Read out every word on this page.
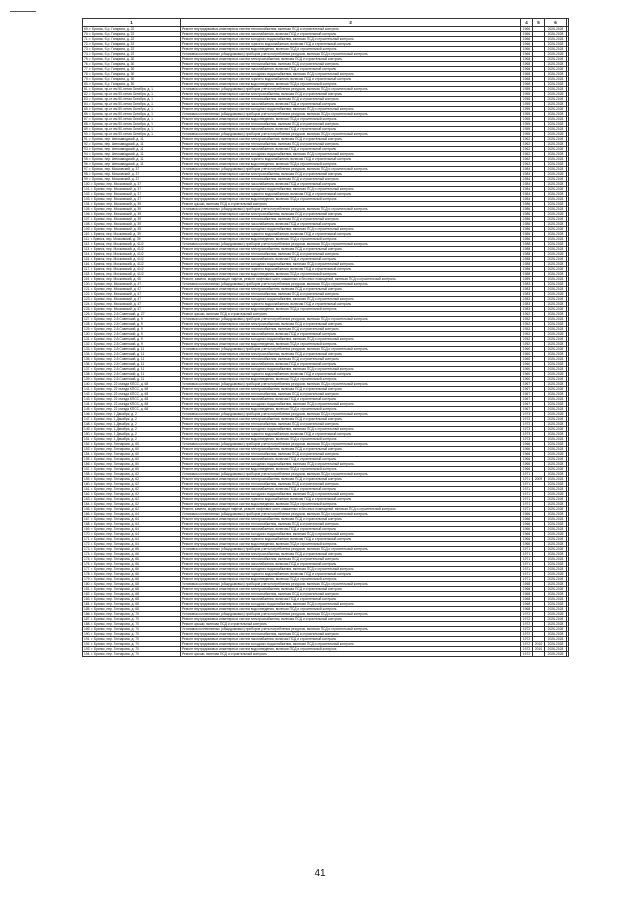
1	3	4	5	6	
69. г. Брянск, б-р. Гагарина, д. 22	Ремонт внутридомовых инженерных систем теплоснабжения, включая ПСД и строительный контроль	1966		2026-2028	
70. г. Брянск, б-р. Гагарина, д. 22	Ремонт внутридомовых инженерных систем газоснабжения, включая ПСД и строительный контроль	1966		2026-2028	
71. г. Брянск, б-р. Гагарина, д. 22	Ремонт внутридомовых инженерных систем холодного водоснабжения, включая ПСД и строительный контроль	1966		2026-2028	
72. г. Брянск, б-р. Гагарина, д. 22	Ремонт внутридомовых инженерных систем горячего водоснабжения, включая ПСД и строительный контроль	1966		2026-2028	
73. г. Брянск, б-р. Гагарина, д. 22	Ремонт внутридомовых инженерных систем водоотведения, включая ПСД и строительный контроль	1966		2026-2028	
74. г. Брянск, б-р. Гагарина, д. 22	Установка коллективных (общедомовых) приборов учета потребления ресурсов, включая ПСД и строительный контроль	1966		2026-2028	
75. г. Брянск, б-р. Гагарина, д. 30	Ремонт внутридомовых инженерных систем электроснабжения, включая ПСД и строительный контроль	1968		2026-2028	
76. г. Брянск, б-р. Гагарина, д. 30	Ремонт внутридомовых инженерных систем теплоснабжения, включая ПСД и строительный контроль	1968		2026-2028	
77. г. Брянск, б-р. Гагарина, д. 30	Ремонт внутридомовых инженерных систем газоснабжения, включая ПСД и строительный контроль	1968		2026-2028	
78. г. Брянск, б-р. Гагарина, д. 30	Ремонт внутридомовых инженерных систем холодного водоснабжения, включая ПСД и строительный контроль	1968		2026-2028	
79. г. Брянск, б-р. Гагарина, д. 30	Ремонт внутридомовых инженерных систем горячего водоснабжения, включая ПСД и строительный контроль	1968		2026-2028	
80. г. Брянск, б-р. Гагарина, д. 30	Ремонт внутридомовых инженерных систем водоотведения, включая ПСД и строительный контроль	1968		2026-2028	
81. г. Брянск, пр-кт им 50-летия Октября, д. 1	Установка коллективных (общедомовых) приборов учета потребления ресурсов, включая ПСД и строительный контроль	1955		2026-2028	
82. г. Брянск, пр-кт им 50-летия Октября, д. 1	Ремонт внутридомовых инженерных систем электроснабжения, включая ПСД и строительный контроль	1955		2026-2028	
83. г. Брянск, пр-кт им 50-летия Октября, д. 1	Ремонт внутридомовых инженерных систем теплоснабжения, включая ПСД и строительный контроль	1955		2026-2028	
84. г. Брянск, пр-кт им 50-летия Октября, д. 1	Ремонт внутридомовых инженерных систем газоснабжения, включая ПСД и строительный контроль	1955		2026-2028	
85. г. Брянск, пр-кт им 50-летия Октября, д. 1	Ремонт внутридомовых инженерных систем холодного водоснабжения, включая ПСД и строительный контроль	1955		2026-2028	
86. г. Брянск, пр-кт им 50-летия Октября, д. 1	Установка коллективных (общедомовых) приборов учета потребления ресурсов, включая ПСД и строительный контроль	1955		2026-2028	
87. г. Брянск, пр-кт им 50-летия Октября, д. 1	Ремонт внутридомовых инженерных систем водоотведения, включая ПСД и строительный контроль	1955		2026-2028	
88. г. Брянск, пр-кт им 50-летия Октября, д. 1	Ремонт внутридомовых инженерных систем теплоснабжения, включая ПСД и строительный контроль	1955		2026-2028	
89. г. Брянск, пр-кт им 50-летия Октября, д. 1	Ремонт внутридомовых инженерных систем газоснабжения, включая ПСД и строительный контроль	1955		2026-2028	
90. г. Брянск, пр-кт им 50-летия Октября, д. 1	Установка коллективных (общедомовых) приборов учета потребления ресурсов, включая ПСД и строительный контроль	1955		2026-2028	
91. г. Брянск, пер. Автозаводский, д. 11	Ремонт внутридомовых инженерных систем электроснабжения, включая ПСД и строительный контроль	1962		2026-2028	
92. г. Брянск, пер. Автозаводский, д. 11	Ремонт внутридомовых инженерных систем теплоснабжения, включая ПСД и строительный контроль	1962		2026-2028	
93. г. Брянск, пер. Автозаводский, д. 11	Ремонт внутридомовых инженерных систем газоснабжения, включая ПСД и строительный контроль	1962		2026-2028	
94. г. Брянск, пер. Автозаводский, д. 11	Ремонт внутридомовых инженерных систем холодного водоснабжения, включая ПСД и строительный контроль	1962		2026-2028	
95. г. Брянск, пер. Автозаводский, д. 11	Ремонт внутридомовых инженерных систем горячего водоснабжения, включая ПСД и строительный контроль	1962		2026-2028	
96. г. Брянск, пер. Автозаводский, д. 11	Ремонт внутридомовых инженерных систем водоотведения, включая ПСД и строительный контроль	1962		2026-2028	
97. г. Брянск, пер. Московский, д. 37	Установка коллективных (общедомовых) приборов учета потребления ресурсов, включая ПСД и строительный контроль	1984		2026-2028	
98. г. Брянск, пер. Московский, д. 37	Ремонт внутридомовых инженерных систем электроснабжения, включая ПСД и строительный контроль	1984		2026-2028	
99. г. Брянск, пер. Московский, д. 37	Ремонт внутридомовых инженерных систем теплоснабжения, включая ПСД и строительный контроль	1984		2026-2028	
100. г. Брянск, пер. Московский, д. 37	Ремонт внутридомовых инженерных систем газоснабжения, включая ПСД и строительный контроль	1984		2026-2028	
101. г. Брянск, пер. Московский, д. 37	Ремонт внутридомовых инженерных систем холодного водоснабжения, включая ПСД и строительный контроль	1984		2026-2028	
102. г. Брянск, пер. Московский, д. 37	Ремонт внутридомовых инженерных систем горячего водоснабжения, включая ПСД и строительный контроль	1984		2026-2028	
103. г. Брянск, пер. Московский, д. 37	Ремонт внутридомовых инженерных систем водоотведения, включая ПСД и строительный контроль	1984		2026-2028	
104. г. Брянск, пер. Московский, д. 39	Ремонт крыши, включая ПСД и строительный контроль	1986		2026-2028	
105. г. Брянск, пер. Московский, д. 39	Установка коллективных (общедомовых) приборов учета потребления ресурсов, включая ПСД и строительный контроль	1986		2026-2028	
106. г. Брянск, пер. Московский, д. 39	Ремонт внутридомовых инженерных систем электроснабжения, включая ПСД и строительный контроль	1986		2026-2028	
107. г. Брянск, пер. Московский, д. 39	Ремонт внутридомовых инженерных систем теплоснабжения, включая ПСД и строительный контроль	1986		2026-2028	
108. г. Брянск, пер. Московский, д. 39	Ремонт внутридомовых инженерных систем газоснабжения, включая ПСД и строительный контроль	1986		2026-2028	
109. г. Брянск, пер. Московский, д. 39	Ремонт внутридомовых инженерных систем холодного водоснабжения, включая ПСД и строительный контроль	1986		2026-2028	
110. г. Брянск, пер. Московский, д. 39	Ремонт внутридомовых инженерных систем горячего водоснабжения, включая ПСД и строительный контроль	1986		2026-2028	
111. г. Брянск, пер. Московский, д. 39	Ремонт внутридомовых инженерных систем водоотведения, включая ПСД и строительный контроль	1986		2026-2028	
112. г. Брянск, пер. Московский, д. 41/2	Установка коллективных (общедомовых) приборов учета потребления ресурсов, включая ПСД и строительный контроль	1988		2026-2028	
113. г. Брянск, пер. Московский, д. 41/2	Ремонт внутридомовых инженерных систем электроснабжения, включая ПСД и строительный контроль	1988		2026-2028	
114. г. Брянск, пер. Московский, д. 41/2	Ремонт внутридомовых инженерных систем теплоснабжения, включая ПСД и строительный контроль	1988		2026-2028	
115. г. Брянск, пер. Московский, д. 41/2	Ремонт внутридомовых инженерных систем газоснабжения, включая ПСД и строительный контроль	1988		2026-2028	
116. г. Брянск, пер. Московский, д. 41/2	Ремонт внутридомовых инженерных систем холодного водоснабжения, включая ПСД и строительный контроль	1988		2026-2028	
117. г. Брянск, пер. Московский, д. 41/2	Ремонт внутридомовых инженерных систем горячего водоснабжения, включая ПСД и строительный контроль	1988		2026-2028	
118. г. Брянск, пер. Московский, д. 41/2	Ремонт внутридомовых инженерных систем водоотведения, включая ПСД и строительный контроль	1988		2026-2028	
119. г. Брянск, пер. Московский, д. 45	Ремонт, замена, модернизация лифтов, ремонт лифтовых шахт, машинных и блочных помещений, включая ПСД и строительный контроль	1989		2026-2028	
120. г. Брянск, пер. Московский, д. 47	Установка коллективных (общедомовых) приборов учета потребления ресурсов, включая ПСД и строительный контроль	1983		2026-2028	
121. г. Брянск, пер. Московский, д. 47	Ремонт внутридомовых инженерных систем электроснабжения, включая ПСД и строительный контроль	1983		2026-2028	
122. г. Брянск, пер. Московский, д. 47	Ремонт внутридомовых инженерных систем теплоснабжения, включая ПСД и строительный контроль	1983		2026-2028	
123. г. Брянск, пер. Московский, д. 47	Ремонт внутридомовых инженерных систем холодного водоснабжения, включая ПСД и строительный контроль	1983		2026-2028	
124. г. Брянск, пер. Московский, д. 47	Ремонт внутридомовых инженерных систем горячего водоснабжения, включая ПСД и строительный контроль	1983		2026-2028	
125. г. Брянск, пер. Московский, д. 47	Ремонт внутридомовых инженерных систем водоотведения, включая ПСД и строительный контроль	1983		2026-2028	
126. г. Брянск, пер. 2-й Советский, д. 27	Ремонт крыши, включая ПСД и строительный контроль	1962		2026-2028	
127. г. Брянск, пер. 2-й Советский, д. 9	Установка коллективных (общедомовых) приборов учета потребления ресурсов, включая ПСД и строительный контроль	1952		2026-2028	
128. г. Брянск, пер. 2-й Советский, д. 9	Ремонт внутридомовых инженерных систем электроснабжения, включая ПСД и строительный контроль	1952		2026-2028	
129. г. Брянск, пер. 2-й Советский, д. 9	Ремонт внутридомовых инженерных систем теплоснабжения, включая ПСД и строительный контроль	1952		2026-2028	
130. г. Брянск, пер. 2-й Советский, д. 9	Ремонт внутридомовых инженерных систем газоснабжения, включая ПСД и строительный контроль	1952		2026-2028	
131. г. Брянск, пер. 2-й Советский, д. 9	Ремонт внутридомовых инженерных систем холодного водоснабжения, включая ПСД и строительный контроль	1952		2026-2028	
132. г. Брянск, пер. 2-й Советский, д. 9	Ремонт внутридомовых инженерных систем водоотведения, включая ПСД и строительный контроль	1952		2026-2028	
133. г. Брянск, пер. 2-й Советский, д. 11	Установка коллективных (общедомовых) приборов учета потребления ресурсов, включая ПСД и строительный контроль	1960		2026-2028	
134. г. Брянск, пер. 2-й Советский, д. 11	Ремонт внутридомовых инженерных систем электроснабжения, включая ПСД и строительный контроль	1960		2026-2028	
135. г. Брянск, пер. 2-й Советский, д. 11	Ремонт внутридомовых инженерных систем теплоснабжения, включая ПСД и строительный контроль	1960		2026-2028	
136. г. Брянск, пер. 2-й Советский, д. 11	Ремонт внутридомовых инженерных систем газоснабжения, включая ПСД и строительный контроль	1960		2026-2028	
137. г. Брянск, пер. 2-й Советский, д. 11	Ремонт внутридомовых инженерных систем холодного водоснабжения, включая ПСД и строительный контроль	1960		2026-2028	
138. г. Брянск, пер. 2-й Советский, д. 11	Ремонт внутридомовых инженерных систем горячего водоснабжения, включая ПСД и строительный контроль	1960		2026-2028	
139. г. Брянск, пер. 2-й Советский, д. 11	Ремонт внутридомовых инженерных систем водоотведения, включая ПСД и строительный контроль	1960		2026-2028	
140. г. Брянск, пер. 22 съезда КПСС, д. 68	Установка коллективных (общедомовых) приборов учета потребления ресурсов, включая ПСД и строительный контроль	1967		2026-2028	
141. г. Брянск, пер. 22 съезда КПСС, д. 68	Ремонт внутридомовых инженерных систем электроснабжения, включая ПСД и строительный контроль	1967		2026-2028	
142. г. Брянск, пер. 22 съезда КПСС, д. 68	Ремонт внутридомовых инженерных систем теплоснабжения, включая ПСД и строительный контроль	1967		2026-2028	
143. г. Брянск, пер. 22 съезда КПСС, д. 68	Ремонт внутридомовых инженерных систем газоснабжения, включая ПСД и строительный контроль	1967		2026-2028	
144. г. Брянск, пер. 22 съезда КПСС, д. 68	Ремонт внутридомовых инженерных систем холодного водоснабжения, включая ПСД и строительный контроль	1967		2026-2028	
145. г. Брянск, пер. 22 съезда КПСС, д. 68	Ремонт внутридомовых инженерных систем водоотведения, включая ПСД и строительный контроль	1967		2026-2028	
146. г. Брянск, пер. 1 Декабря, д. 2	Установка коллективных (общедомовых) приборов учета потребления ресурсов, включая ПСД и строительный контроль	1973		2026-2028	
147. г. Брянск, пер. 1 Декабря, д. 2	Ремонт внутридомовых инженерных систем электроснабжения, включая ПСД и строительный контроль	1973		2026-2028	
148. г. Брянск, пер. 1 Декабря, д. 2	Ремонт внутридомовых инженерных систем теплоснабжения, включая ПСД и строительный контроль	1973		2026-2028	
149. г. Брянск, пер. 1 Декабря, д. 2	Ремонт внутридомовых инженерных систем холодного водоснабжения, включая ПСД и строительный контроль	1973		2026-2028	
150. г. Брянск, пер. 1 Декабря, д. 2	Ремонт внутридомовых инженерных систем горячего водоснабжения, включая ПСД и строительный контроль	1973		2026-2028	
151. г. Брянск, пер. 1 Декабря, д. 2	Ремонт внутридомовых инженерных систем водоотведения, включая ПСД и строительный контроль	1973		2026-2028	
152. г. Брянск, пер. Гончарова, д. 60	Установка коллективных (общедомовых) приборов учета потребления ресурсов, включая ПСД и строительный контроль	1966		2026-2028	
153. г. Брянск, пер. Гончарова, д. 60	Ремонт внутридомовых инженерных систем электроснабжения, включая ПСД и строительный контроль	1966		2026-2028	
154. г. Брянск, пер. Гончарова, д. 60	Ремонт внутридомовых инженерных систем теплоснабжения, включая ПСД и строительный контроль	1966		2026-2028	
155. г. Брянск, пер. Гончарова, д. 60	Ремонт внутридомовых инженерных систем газоснабжения, включая ПСД и строительный контроль	1966		2026-2028	
156. г. Брянск, пер. Гончарова, д. 60	Ремонт внутридомовых инженерных систем холодного водоснабжения, включая ПСД и строительный контроль	1966		2026-2028	
157. г. Брянск, пер. Гончарова, д. 60	Ремонт внутридомовых инженерных систем водоотведения, включая ПСД и строительный контроль	1966		2026-2028	
158. г. Брянск, пер. Гончарова, д. 62	Установка коллективных (общедомовых) приборов учета потребления ресурсов, включая ПСД и строительный контроль	1971		2026-2028	
159. г. Брянск, пер. Гончарова, д. 62	Ремонт внутридомовых инженерных систем электроснабжения, включая ПСД и строительный контроль	1971	2009	2026-2028	
160. г. Брянск, пер. Гончарова, д. 62	Ремонт внутридомовых инженерных систем теплоснабжения, включая ПСД и строительный контроль	1971		2026-2028	
161. г. Брянск, пер. Гончарова, д. 62	Ремонт внутридомовых инженерных систем газоснабжения, включая ПСД и строительный контроль	1971		2026-2028	
162. г. Брянск, пер. Гончарова, д. 62	Ремонт внутридомовых инженерных систем холодного водоснабжения, включая ПСД и строительный контроль	1971		2026-2028	
163. г. Брянск, пер. Гончарова, д. 62	Ремонт внутридомовых инженерных систем горячего водоснабжения, включая ПСД и строительный контроль	1971		2026-2028	
164. г. Брянск, пер. Гончарова, д. 62	Ремонт внутридомовых инженерных систем водоотведения, включая ПСД и строительный контроль	1971		2026-2028	
165. г. Брянск, пер. Гончарова, д. 62	Ремонт, замена, модернизация лифтов, ремонт лифтовых шахт, машинных и блочных помещений, включая ПСД и строительный контроль	1971		2026-2028	
166. г. Брянск, пер. Гончарова, д. 64	Установка коллективных (общедомовых) приборов учета потребления ресурсов, включая ПСД и строительный контроль	1966		2026-2028	
167. г. Брянск, пер. Гончарова, д. 64	Ремонт внутридомовых инженерных систем электроснабжения, включая ПСД и строительный контроль	1966		2026-2028	
168. г. Брянск, пер. Гончарова, д. 64	Ремонт внутридомовых инженерных систем теплоснабжения, включая ПСД и строительный контроль	1966		2026-2028	
169. г. Брянск, пер. Гончарова, д. 64	Ремонт внутридомовых инженерных систем газоснабжения, включая ПСД и строительный контроль	1966		2026-2028	
170. г. Брянск, пер. Гончарова, д. 64	Ремонт внутридомовых инженерных систем холодного водоснабжения, включая ПСД и строительный контроль	1966		2026-2028	
171. г. Брянск, пер. Гончарова, д. 64	Ремонт внутридомовых инженерных систем горячего водоснабжения, включая ПСД и строительный контроль	1966		2026-2028	
172. г. Брянск, пер. Гончарова, д. 64	Ремонт внутридомовых инженерных систем водоотведения, включая ПСД и строительный контроль	1966		2026-2028	
173. г. Брянск, пер. Гончарова, д. 66	Установка коллективных (общедомовых) приборов учета потребления ресурсов, включая ПСД и строительный контроль	1971		2026-2028	
174. г. Брянск, пер. Гончарова, д. 66	Ремонт внутридомовых инженерных систем электроснабжения, включая ПСД и строительный контроль	1971		2026-2028	
175. г. Брянск, пер. Гончарова, д. 66	Ремонт внутридомовых инженерных систем теплоснабжения, включая ПСД и строительный контроль	1971		2026-2028	
176. г. Брянск, пер. Гончарова, д. 66	Ремонт внутридомовых инженерных систем газоснабжения, включая ПСД и строительный контроль	1971		2026-2028	
177. г. Брянск, пер. Гончарова, д. 66	Ремонт внутридомовых инженерных систем холодного водоснабжения, включая ПСД и строительный контроль	1971		2026-2028	
178. г. Брянск, пер. Гончарова, д. 66	Ремонт внутридомовых инженерных систем горячего водоснабжения, включая ПСД и строительный контроль	1971		2026-2028	
179. г. Брянск, пер. Гончарова, д. 66	Ремонт внутридомовых инженерных систем водоотведения, включая ПСД и строительный контроль	1971		2026-2028	
180. г. Брянск, пер. Гончарова, д. 68	Установка коллективных (общедомовых) приборов учета потребления ресурсов, включая ПСД и строительный контроль	1968		2026-2028	
181. г. Брянск, пер. Гончарова, д. 68	Ремонт внутридомовых инженерных систем электроснабжения, включая ПСД и строительный контроль	1968		2026-2028	
182. г. Брянск, пер. Гончарова, д. 68	Ремонт внутридомовых инженерных систем теплоснабжения, включая ПСД и строительный контроль	1968		2026-2028	
183. г. Брянск, пер. Гончарова, д. 68	Ремонт внутридомовых инженерных систем газоснабжения, включая ПСД и строительный контроль	1968		2026-2028	
184. г. Брянск, пер. Гончарова, д. 68	Ремонт внутридомовых инженерных систем холодного водоснабжения, включая ПСД и строительный контроль	1968		2026-2028	
185. г. Брянск, пер. Гончарова, д. 68	Ремонт внутридомовых инженерных систем водоотведения, включая ПСД и строительный контроль	1968		2026-2028	
186. г. Брянск, пер. Гончарова, д. 70	Установка коллективных (общедомовых) приборов учета потребления ресурсов, включая ПСД и строительный контроль	1972		2026-2028	
187. г. Брянск, пер. Гончарова, д. 70	Ремонт внутридомовых инженерных систем электроснабжения, включая ПСД и строительный контроль	1972		2026-2028	
188. г. Брянск, пер. Гончарова, д. 70	Ремонт крыши, включая ПСД и строительный контроль	1972		2026-2028	
189. г. Брянск, пер. Гончарова, д. 70	Установка коллективных (общедомовых) приборов учета потребления ресурсов, включая ПСД и строительный контроль	1972		2026-2028	
190. г. Брянск, пер. Гончарова, д. 70	Ремонт внутридомовых инженерных систем теплоснабжения, включая ПСД и строительный контроль	1972		2026-2028	
191. г. Брянск, пер. Гончарова, д. 70	Ремонт внутридомовых инженерных систем газоснабжения, включая ПСД и строительный контроль	1972		2026-2028	
192. г. Брянск, пер. Гончарова, д. 70	Ремонт внутридомовых инженерных систем холодного водоснабжения, включая ПСД и строительный контроль	1972	2010	2026-2028	
193. г. Брянск, пер. Гончарова, д. 70	Ремонт внутридомовых инженерных систем водоотведения, включая ПСД и строительный контроль	1972	2010	2026-2028	
194. г. Брянск, пер. Гончарова, д. 70	Ремонт крыши, включая ПСД и строительный контроль	1972		2026-2028	
41
